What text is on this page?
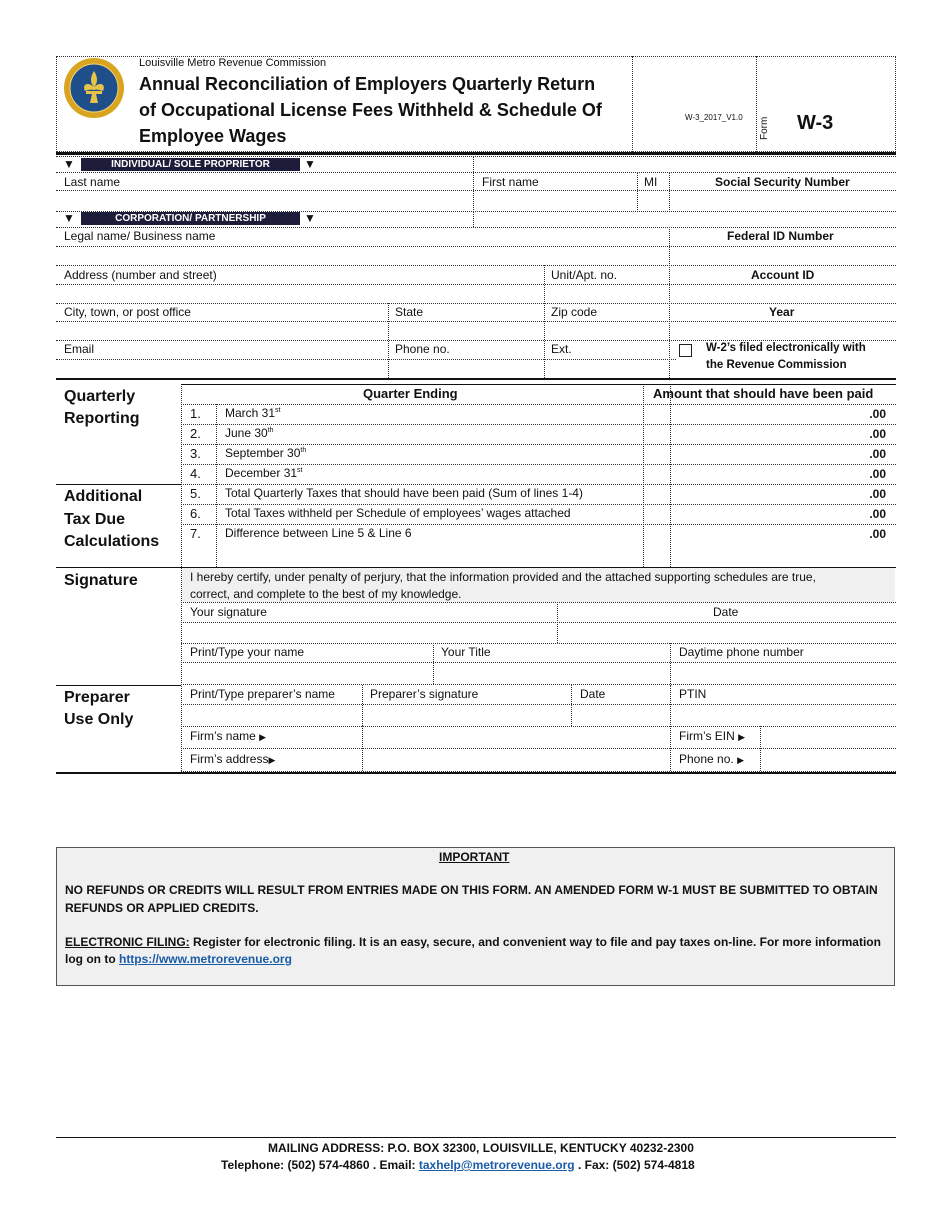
Louisville Metro Revenue Commission
Annual Reconciliation of Employers Quarterly Return
of Occupational License Fees Withheld & Schedule Of
Employee Wages
W-3_2017_V1.0 Form W-3
▼	INDIVIDUAL/ SOLE PROPRIETOR	▼
Last name	First name	MI	Social Security Number
▼	CORPORATION/ PARTNERSHIP	▼
Legal name/ Business name	Federal ID Number
Address (number and street)	Unit/Apt. no.	Account ID
City, town, or post office	State	Zip code	Year
Email	Phone no.	Ext.	W-2’s filed electronically with
the Revenue Commission
Quarterly
Reporting
Quarter Ending	Amount that should have been paid
1. March 31st	.00
2. June 30th	.00
3. September 30th	.00
4. December 31st	.00
Additional
Tax Due
Calculations
5. Total Quarterly Taxes that should have been paid (Sum of lines 1-4)	.00
6. Total Taxes withheld per Schedule of employees’ wages attached	.00
7. Difference between Line 5 & Line 6	.00
Signature	I hereby certify, under penalty of perjury, that the information provided and the attached supporting schedules are true,
correct, and complete to the best of my knowledge.
Your signature	Date
Print/Type your name	Your Title	Daytime phone number
Preparer
Use Only
Print/Type preparer’s name	Preparer’s signature	Date	PTIN
Firm’s name ▶	Firm’s EIN ▶
Firm’s address▶	Phone no. ▶
IMPORTANT
NO REFUNDS OR CREDITS WILL RESULT FROM ENTRIES MADE ON THIS FORM. AN AMENDED FORM W-1 MUST BE SUBMITTED TO OBTAIN
REFUNDS OR APPLIED CREDITS.
ELECTRONIC FILING: Register for electronic filing. It is an easy, secure, and convenient way to file and pay taxes on-line. For more information
log on to https://www.metrorevenue.org
MAILING ADDRESS: P.O. BOX 32300, LOUISVILLE, KENTUCKY 40232-2300
Telephone: (502) 574-4860 . Email: taxhelp@metrorevenue.org . Fax: (502) 574-4818
